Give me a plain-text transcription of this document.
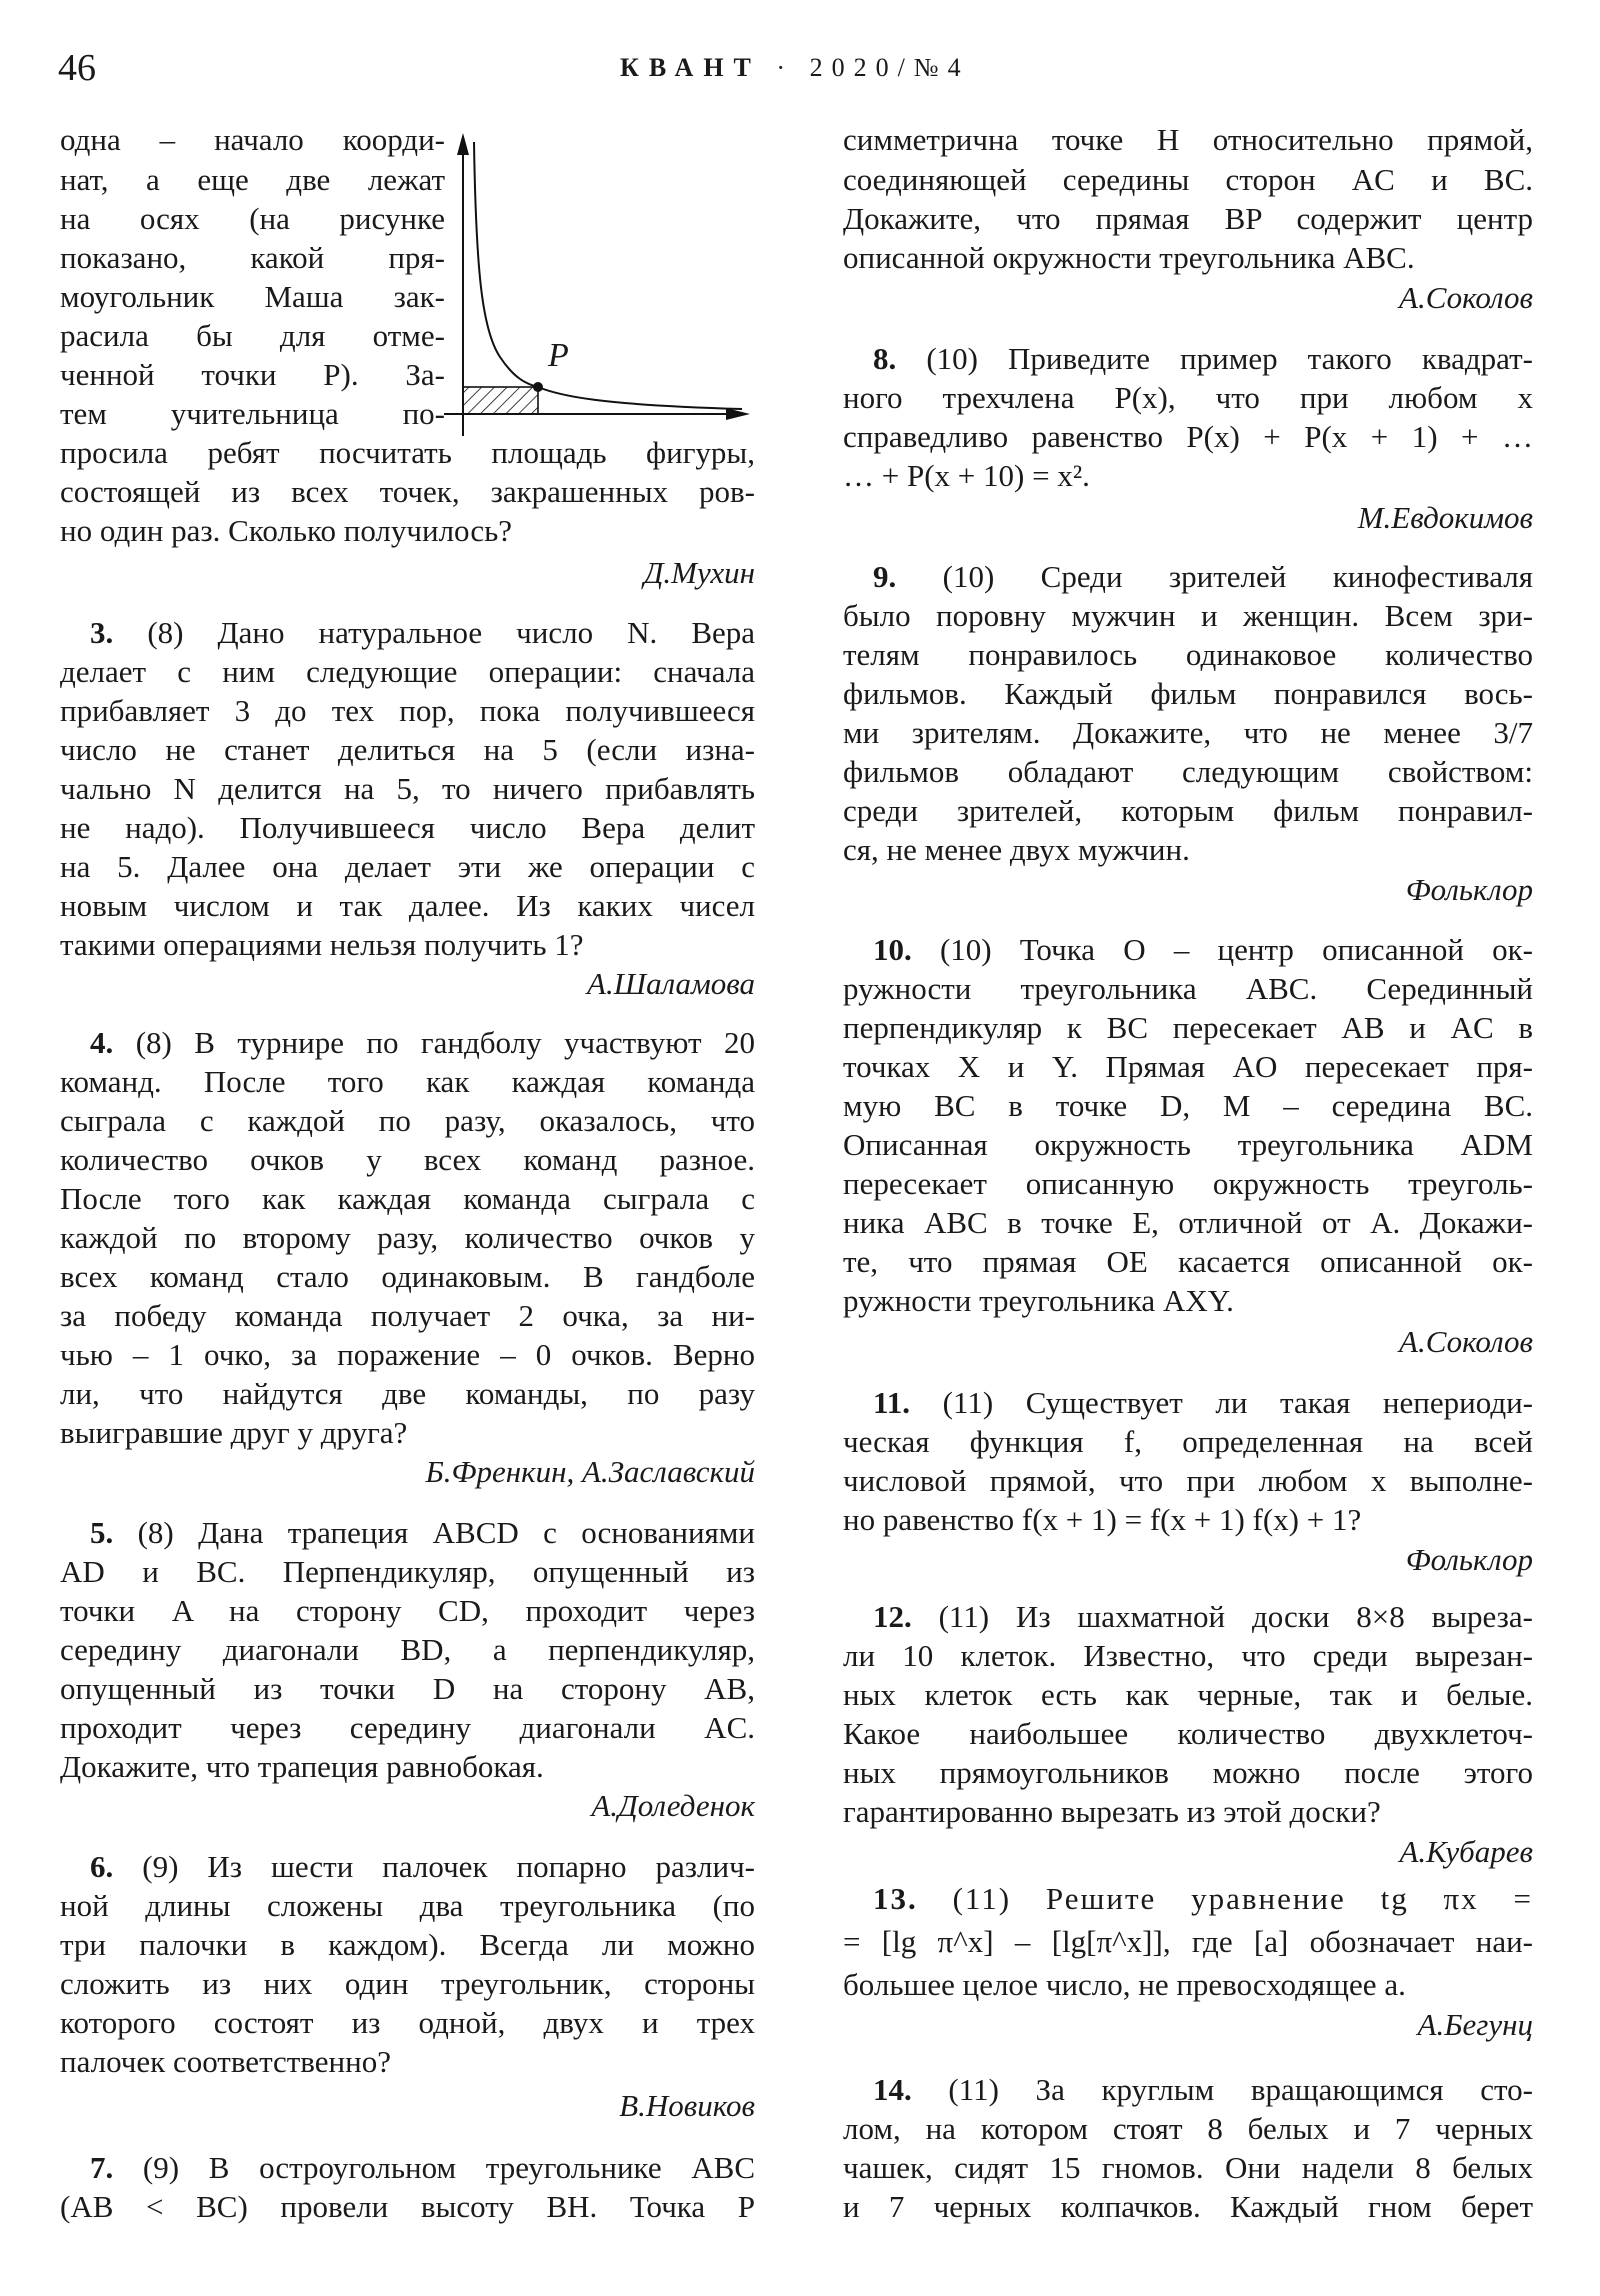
46	КВАНТ · 2020/№4
P
одна – начало коорди-
нат, а еще две лежат
на осях (на рисунке
показано, какой пря-
моугольник Маша зак-
расила бы для отме-
ченной точки P). За-
тем учительница по-
просила ребят посчитать площадь фигуры,
состоящей из всех точек, закрашенных ров-
но один раз. Сколько получилось?
Д.Мухин
3. (8) Дано натуральное число N. Вера
делает с ним следующие операции: сначала
прибавляет 3 до тех пор, пока получившееся
число не станет делиться на 5 (если изна-
чально N делится на 5, то ничего прибавлять
не надо). Получившееся число Вера делит
на 5. Далее она делает эти же операции с
новым числом и так далее. Из каких чисел
такими операциями нельзя получить 1?
А.Шаламова
4. (8) В турнире по гандболу участвуют 20
команд. После того как каждая команда
сыграла с каждой по разу, оказалось, что
количество очков у всех команд разное.
После того как каждая команда сыграла с
каждой по второму разу, количество очков у
всех команд стало одинаковым. В гандболе
за победу команда получает 2 очка, за ни-
чью – 1 очко, за поражение – 0 очков. Верно
ли, что найдутся две команды, по разу
выигравшие друг у друга?
Б.Френкин, А.Заславский
5. (8) Дана трапеция ABCD с основаниями
AD и BC. Перпендикуляр, опущенный из
точки A на сторону CD, проходит через
середину диагонали BD, а перпендикуляр,
опущенный из точки D на сторону AB,
проходит через середину диагонали AC.
Докажите, что трапеция равнобокая.
А.Доледенок
6. (9) Из шести палочек попарно различ-
ной длины сложены два треугольника (по
три палочки в каждом). Всегда ли можно
сложить из них один треугольник, стороны
которого состоят из одной, двух и трех
палочек соответственно?
В.Новиков
7. (9) В остроугольном треугольнике ABC
(AB < BC) провели высоту BH. Точка P
симметрична точке H относительно прямой,
соединяющей середины сторон AC и BC.
Докажите, что прямая BP содержит центр
описанной окружности треугольника ABC.
А.Соколов
8. (10) Приведите пример такого квадрат-
ного трехчлена P(x), что при любом x
справедливо равенство P(x) + P(x + 1) + …
… + P(x + 10) = x².
М.Евдокимов
9. (10) Среди зрителей кинофестиваля
было поровну мужчин и женщин. Всем зри-
телям понравилось одинаковое количество
фильмов. Каждый фильм понравился вось-
ми зрителям. Докажите, что не менее 3/7
фильмов обладают следующим свойством:
среди зрителей, которым фильм понравил-
ся, не менее двух мужчин.
Фольклор
10. (10) Точка O – центр описанной ок-
ружности треугольника ABC. Серединный
перпендикуляр к BC пересекает AB и AC в
точках X и Y. Прямая AO пересекает пря-
мую BC в точке D, M – середина BC.
Описанная окружность треугольника ADM
пересекает описанную окружность треуголь-
ника ABC в точке E, отличной от A. Докажи-
те, что прямая OE касается описанной ок-
ружности треугольника AXY.
А.Соколов
11. (11) Существует ли такая непериоди-
ческая функция f, определенная на всей
числовой прямой, что при любом x выполне-
но равенство f(x + 1) = f(x + 1) f(x) + 1?
Фольклор
12. (11) Из шахматной доски 8×8 выреза-
ли 10 клеток. Известно, что среди вырезан-
ных клеток есть как черные, так и белые.
Какое наибольшее количество двухклеточ-
ных прямоугольников можно после этого
гарантированно вырезать из этой доски?
А.Кубарев
13. (11) Решите уравнение tg πx =
= [lg π^x] – [lg[π^x]], где [a] обозначает наи-
большее целое число, не превосходящее a.
А.Бегунц
14. (11) За круглым вращающимся сто-
лом, на котором стоят 8 белых и 7 черных
чашек, сидят 15 гномов. Они надели 8 белых
и 7 черных колпачков. Каждый гном берет
